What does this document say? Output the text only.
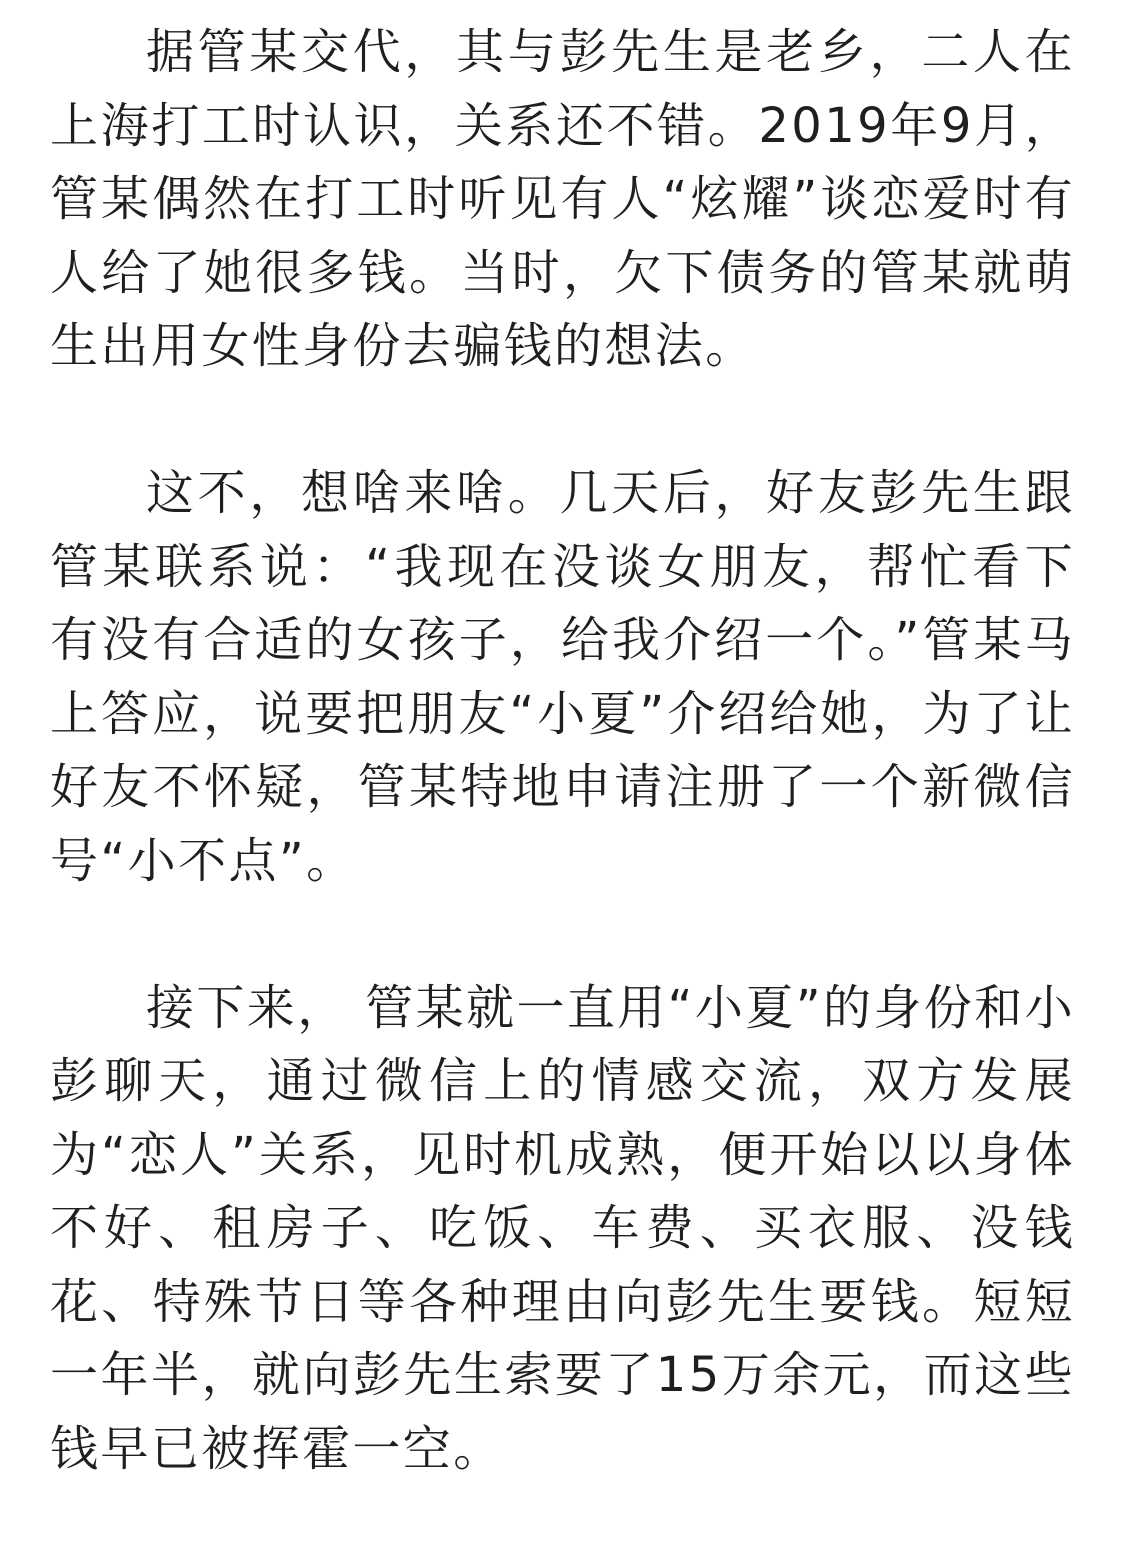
据管某交代，其与彭先生是老乡，二人在上海打工时认识，关系还不错。2019年9月，管某偶然在打工时听见有人“炫耀”谈恋爱时有人给了她很多钱。当时，欠下债务的管某就萌生出用女性身份去骗钱的想法。

这不，想啥来啥。几天后，好友彭先生跟管某联系说：“我现在没谈女朋友，帮忙看下有没有合适的女孩子，给我介绍一个。”管某马上答应，说要把朋友“小夏”介绍给她，为了让好友不怀疑，管某特地申请注册了一个新微信号“小不点”。

接下来， 管某就一直用“小夏”的身份和小彭聊天，通过微信上的情感交流，双方发展为“恋人”关系，见时机成熟，便开始以以身体不好、租房子、吃饭、车费、买衣服、没钱花、特殊节日等各种理由向彭先生要钱。短短一年半，就向彭先生索要了15万余元，而这些钱早已被挥霍一空。
